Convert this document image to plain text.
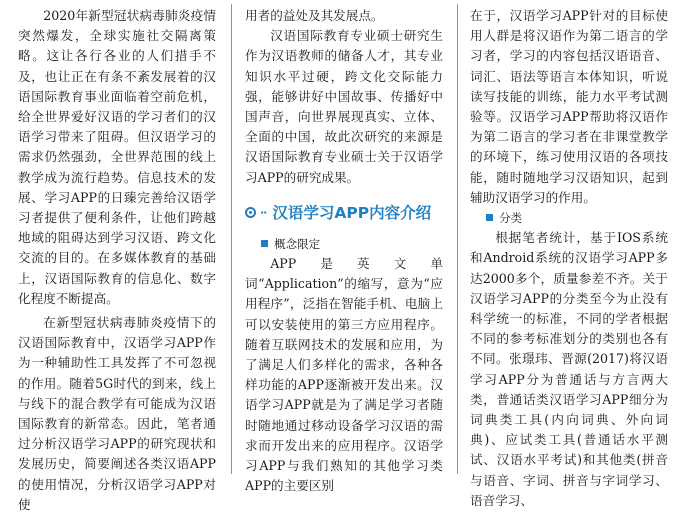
2020年新型冠状病毒肺炎疫情突然爆发，全球实施社交隔离策略。这让各行各业的人们措手不及，也让正在有条不紊发展着的汉语国际教育事业面临着空前危机，给全世界爱好汉语的学习者们的汉语学习带来了阻碍。但汉语学习的需求仍然强劲，全世界范围的线上教学成为流行趋势。信息技术的发展、学习APP的日臻完善给汉语学习者提供了便利条件，让他们跨越地域的阻碍达到学习汉语、跨文化交流的目的。在多媒体教育的基础上，汉语国际教育的信息化、数字化程度不断提高。

在新型冠状病毒肺炎疫情下的汉语国际教育中，汉语学习APP作为一种辅助性工具发挥了不可忽视的作用。随着5G时代的到来，线上与线下的混合教学有可能成为汉语国际教育的新常态。因此，笔者通过分析汉语学习APP的研究现状和发展历史，简要阐述各类汉语APP的使用情况，分析汉语学习APP对使

用者的益处及其发展点。

汉语国际教育专业硕士研究生作为汉语教师的储备人才，其专业知识水平过硬，跨文化交际能力强，能够讲好中国故事、传播好中国声音，向世界展现真实、立体、全面的中国，故此次研究的来源是汉语国际教育专业硕士关于汉语学习APP的研究成果。

·· 汉语学习APP内容介绍
概念限定

APP是英文单词“Application”的缩写，意为“应用程序”，泛指在智能手机、电脑上可以安装使用的第三方应用程序。随着互联网技术的发展和应用，为了满足人们多样化的需求，各种各样功能的APP逐渐被开发出来。汉语学习APP就是为了满足学习者随时随地通过移动设备学习汉语的需求而开发出来的应用程序。汉语学习APP与我们熟知的其他学习类APP的主要区别

在于，汉语学习APP针对的目标使用人群是将汉语作为第二语言的学习者，学习的内容包括汉语语音、词汇、语法等语言本体知识，听说读写技能的训练，能力水平考试测验等。汉语学习APP帮助将汉语作为第二语言的学习者在非课堂教学的环境下，练习使用汉语的各项技能，随时随地学习汉语知识，起到辅助汉语学习的作用。

分类

根据笔者统计，基于IOS系统和Android系统的汉语学习APP多达2000多个，质量参差不齐。关于汉语学习APP的分类至今为止没有科学统一的标准，不同的学者根据不同的参考标准划分的类别也各有不同。张璟玮、晋源(2017)将汉语学习APP分为普通话与方言两大类，普通话类汉语学习APP细分为词典类工具(内向词典、外向词典)、应试类工具(普通话水平测试、汉语水平考试)和其他类(拼音与语音、字词、拼音与字词学习、语音学习、
